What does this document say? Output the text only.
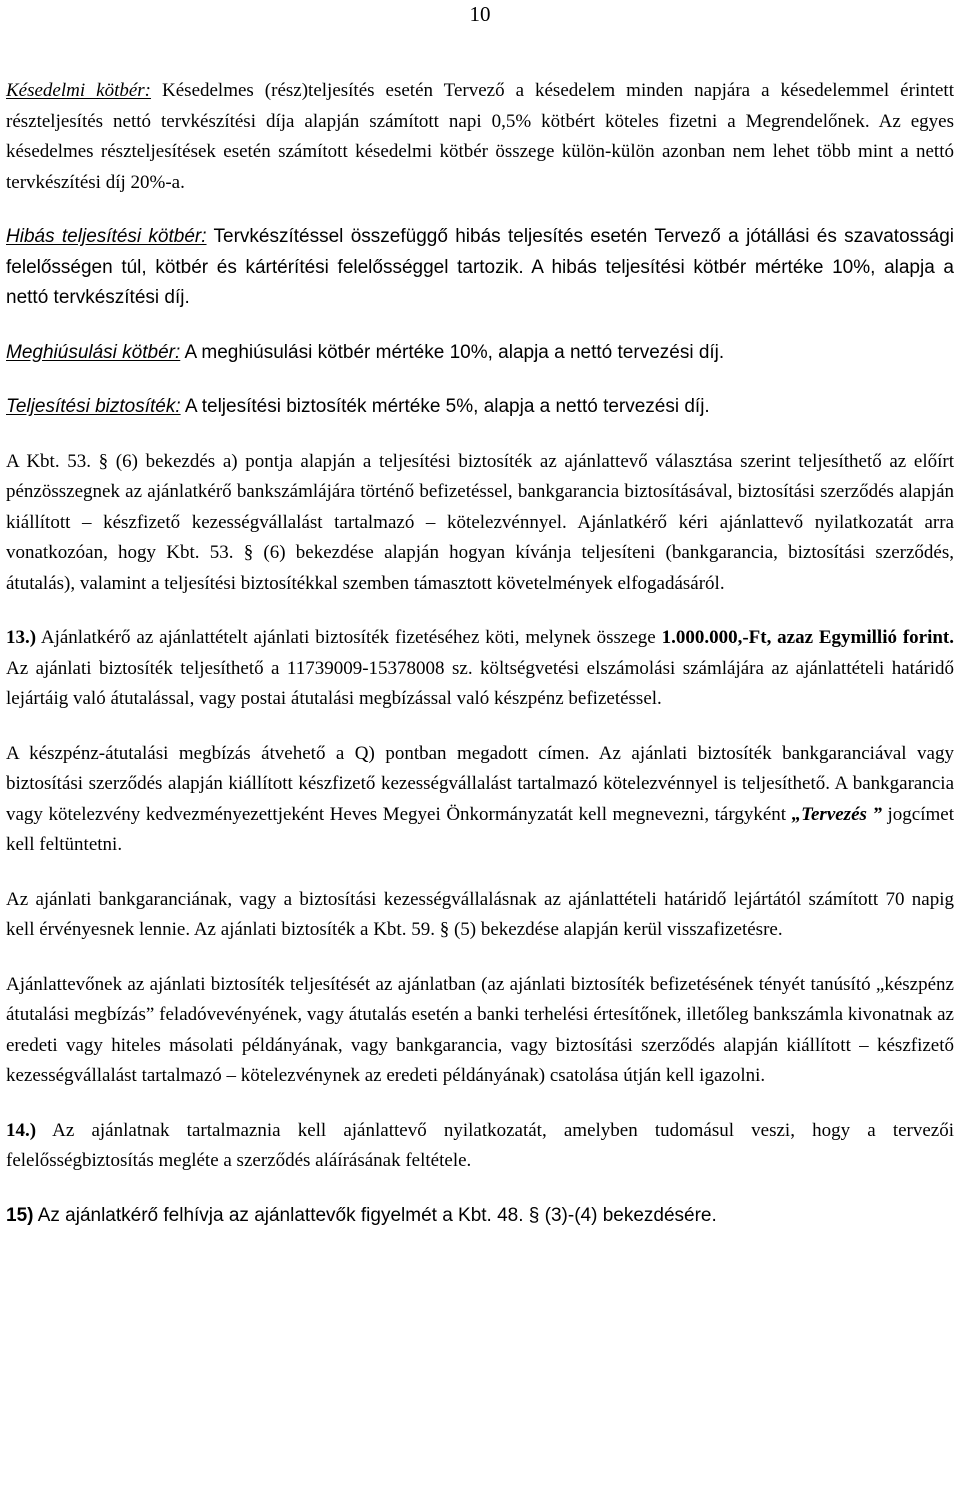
10

Késedelmi kötbér: Késedelmes (rész)teljesítés esetén Tervező a késedelem minden napjára a késedelemmel érintett részteljesítés nettó tervkészítési díja alapján számított napi 0,5% kötbért köteles fizetni a Megrendelőnek. Az egyes késedelmes részteljesítések esetén számított késedelmi kötbér összege külön-külön azonban nem lehet több mint a nettó tervkészítési díj 20%-a.

Hibás teljesítési kötbér: Tervkészítéssel összefüggő hibás teljesítés esetén Tervező a jótállási és szavatossági felelősségen túl, kötbér és kártérítési felelősséggel tartozik. A hibás teljesítési kötbér mértéke 10%, alapja a nettó tervkészítési díj.

Meghiúsulási kötbér: A meghiúsulási kötbér mértéke 10%, alapja a nettó tervezési díj.

Teljesítési biztosíték: A teljesítési biztosíték mértéke 5%, alapja a nettó tervezési díj.

A Kbt. 53. § (6) bekezdés a) pontja alapján a teljesítési biztosíték az ajánlattevő választása szerint teljesíthető az előírt pénzösszegnek az ajánlatkérő bankszámlájára történő befizetéssel, bankgarancia biztosításával, biztosítási szerződés alapján kiállított – készfizető kezességvállalást tartalmazó – kötelezvénnyel. Ajánlatkérő kéri ajánlattevő nyilatkozatát arra vonatkozóan, hogy Kbt. 53. § (6) bekezdése alapján hogyan kívánja teljesíteni (bankgarancia, biztosítási szerződés, átutalás), valamint a teljesítési biztosítékkal szemben támasztott követelmények elfogadásáról.

13.) Ajánlatkérő az ajánlattételt ajánlati biztosíték fizetéséhez köti, melynek összege 1.000.000,-Ft, azaz Egymillió forint. Az ajánlati biztosíték teljesíthető a 11739009-15378008 sz. költségvetési elszámolási számlájára az ajánlattételi határidő lejártáig való átutalással, vagy postai átutalási megbízással való készpénz befizetéssel.

A készpénz-átutalási megbízás átvehető a Q) pontban megadott címen. Az ajánlati biztosíték bankgaranciával vagy biztosítási szerződés alapján kiállított készfizető kezességvállalást tartalmazó kötelezvénnyel is teljesíthető. A bankgarancia vagy kötelezvény kedvezményezettjeként Heves Megyei Önkormányzatát kell megnevezni, tárgyként „Tervezés ” jogcímet kell feltüntetni.

Az ajánlati bankgaranciának, vagy a biztosítási kezességvállalásnak az ajánlattételi határidő lejártától számított 70 napig kell érvényesnek lennie. Az ajánlati biztosíték a Kbt. 59. § (5) bekezdése alapján kerül visszafizetésre.

Ajánlattevőnek az ajánlati biztosíték teljesítését az ajánlatban (az ajánlati biztosíték befizetésének tényét tanúsító „készpénz átutalási megbízás” feladóvevényének, vagy átutalás esetén a banki terhelési értesítőnek, illetőleg bankszámla kivonatnak az eredeti vagy hiteles másolati példányának, vagy bankgarancia, vagy biztosítási szerződés alapján kiállított – készfizető kezességvállalást tartalmazó – kötelezvénynek az eredeti példányának) csatolása útján kell igazolni.

14.) Az ajánlatnak tartalmaznia kell ajánlattevő nyilatkozatát, amelyben tudomásul veszi, hogy a tervezői felelősségbiztosítás megléte a szerződés aláírásának feltétele.

15) Az ajánlatkérő felhívja az ajánlattevők figyelmét a Kbt. 48. § (3)-(4) bekezdésére.
